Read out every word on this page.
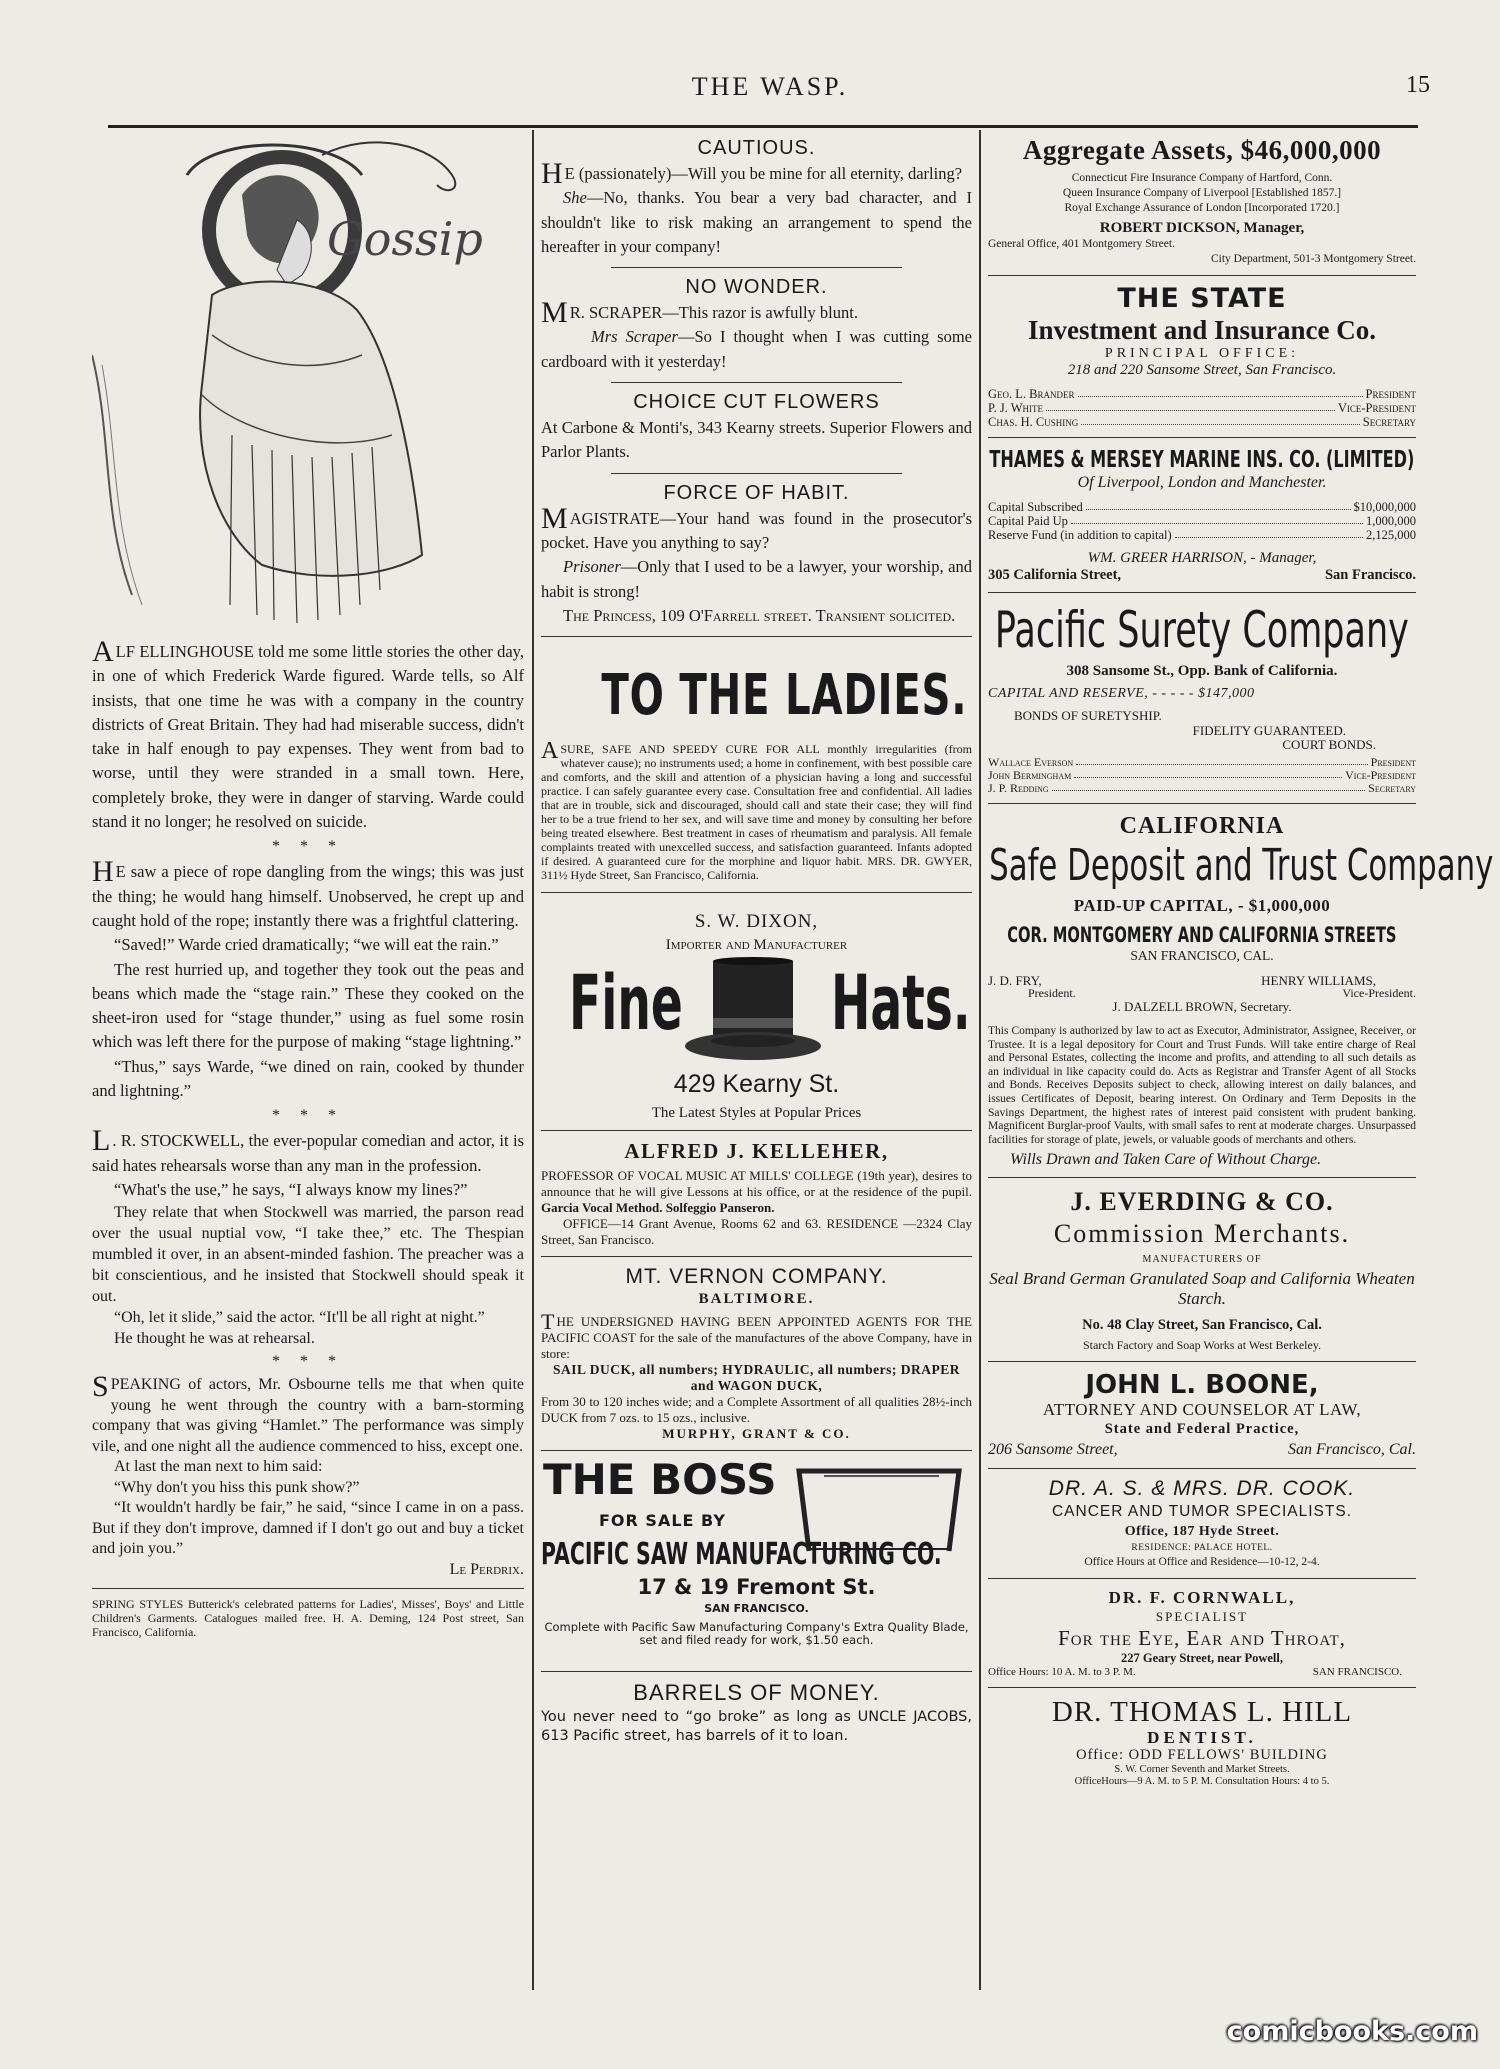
THE WASP.	15
Gossip

ALF ELLINGHOUSE told me some little stories the other day, in one of which Frederick Warde figured. Warde tells, so Alf insists, that one time he was with a company in the country districts of Great Britain. They had had miserable success, didn't take in half enough to pay expenses. They went from bad to worse, until they were stranded in a small town. Here, completely broke, they were in danger of starving. Warde could stand it no longer; he resolved on suicide.

* * *

H E saw a piece of rope dangling from the wings; this was just the thing; he would hang himself. Unobserved, he crept up and caught hold of the rope; instantly there was a frightful clattering.

“Saved!” Warde cried dramatically; “we will eat the rain.”

The rest hurried up, and together they took out the peas and beans which made the “stage rain.” These they cooked on the sheet-iron used for “stage thunder,” using as fuel some rosin which was left there for the purpose of making “stage lightning.”

“Thus,” says Warde, “we dined on rain, cooked by thunder and lightning.”

* * *

L . R. STOCKWELL, the ever-popular comedian and actor, it is said hates rehearsals worse than any man in the profession.

“What's the use,” he says, “I always know my lines?”

They relate that when Stockwell was married, the parson read over the usual nuptial vow, “I take thee,” etc. The Thespian mumbled it over, in an absent-minded fashion. The preacher was a bit conscientious, and he insisted that Stockwell should speak it out.

“Oh, let it slide,” said the actor. “It'll be all right at night.”

He thought he was at rehearsal.

* * *

SPEAKING of actors, Mr. Osbourne tells me that when quite young he went through the country with a barn-storming company that was giving “Hamlet.” The performance was simply vile, and one night all the audience commenced to hiss, except one.

At last the man next to him said:

“Why don't you hiss this punk show?”

“It wouldn't hardly be fair,” he said, “since I came in on a pass. But if they don't improve, damned if I don't go out and buy a ticket and join you.”

Le Perdrix.

SPRING STYLES Butterick's celebrated patterns for Ladies', Misses', Boys' and Little Children's Garments. Catalogues mailed free. H. A. Deming, 124 Post street, San Francisco, California.

CAUTIOUS.

H E (passionately)—Will you be mine for all eternity, darling?

She—No, thanks. You bear a very bad character, and I shouldn't like to risk making an arrangement to spend the hereafter in your company!

NO WONDER.

M R. SCRAPER—This razor is awfully blunt.

Mrs Scraper—So I thought when I was cutting some cardboard with it yesterday!

CHOICE CUT FLOWERS

At Carbone & Monti's, 343 Kearny streets. Superior Flowers and Parlor Plants.

FORCE OF HABIT.

MAGISTRATE—Your hand was found in the prosecutor's pocket. Have you anything to say?

Prisoner—Only that I used to be a lawyer, your worship, and habit is strong!

The Princess, 109 O'Farrell street. Transient solicited.

TO THE LADIES.

ASURE, SAFE AND SPEEDY CURE FOR ALL monthly irregularities (from whatever cause); no instruments used; a home in confinement, with best possible care and comforts, and the skill and attention of a physician having a long and successful practice. I can safely guarantee every case. Consultation free and confidential. All ladies that are in trouble, sick and discouraged, should call and state their case; they will find her to be a true friend to her sex, and will save time and money by consulting her before being treated elsewhere. Best treatment in cases of rheumatism and paralysis. All female complaints treated with unexcelled success, and satisfaction guaranteed. Infants adopted if desired. A guaranteed cure for the morphine and liquor habit. MRS. DR. GWYER, 311½ Hyde Street, San Francisco, California.

S. W. DIXON,
Importer and Manufacturer
Fine Hats.
429 Kearny St.
The Latest Styles at Popular Prices
ALFRED J. KELLEHER,

PROFESSOR OF VOCAL MUSIC AT MILLS' COLLEGE (19th year), desires to announce that he will give Lessons at his office, or at the residence of the pupil. Garcia Vocal Method. Solfeggio Panseron.

OFFICE—14 Grant Avenue, Rooms 62 and 63. RESIDENCE —2324 Clay Street, San Francisco.

MT. VERNON COMPANY.
BALTIMORE.

THE UNDERSIGNED HAVING BEEN APPOINTED AGENTS FOR THE PACIFIC COAST for the sale of the manufactures of the above Company, have in store:

SAIL DUCK, all numbers; HYDRAULIC, all numbers; DRAPER and WAGON DUCK,

From 30 to 120 inches wide; and a Complete Assortment of all qualities 28½-inch DUCK from 7 ozs. to 15 ozs., inclusive.

MURPHY, GRANT & CO.

THE BOSS
FOR SALE BY
PACIFIC SAW MANUFACTURING CO.
17 & 19 Fremont St.
SAN FRANCISCO.
Complete with Pacific Saw Manufacturing Company's Extra Quality Blade, set and filed ready for work, $1.50 each.
BARRELS OF MONEY.

You never need to “go broke” as long as UNCLE JACOBS, 613 Pacific street, has barrels of it to loan.

Aggregate Assets, $46,000,000

Connecticut Fire Insurance Company of Hartford, Conn.

Queen Insurance Company of Liverpool [Established 1857.]

Royal Exchange Assurance of London [Incorporated 1720.]

ROBERT DICKSON, Manager,

General Office, 401 Montgomery Street.

City Department, 501-3 Montgomery Street.

THE STATE
Investment and Insurance Co.
PRINCIPAL OFFICE:
218 and 220 Sansome Street, San Francisco.
Geo. L. Brander	President
P. J. White	Vice-President
Chas. H. Cushing	Secretary
THAMES & MERSEY MARINE INS. CO. (LIMITED)
Of Liverpool, London and Manchester.
Capital Subscribed	$10,000,000
Capital Paid Up	1,000,000
Reserve Fund (in addition to capital)	2,125,000
WM. GREER HARRISON, - Manager,
305 California Street,	San Francisco.
Pacific Surety Company
308 Sansome St., Opp. Bank of California.
CAPITAL AND RESERVE, - - - - - $147,000
BONDS OF SURETYSHIP.
FIDELITY GUARANTEED.
COURT BONDS.
Wallace Everson	President
John Bermingham	Vice-President
J. P. Redding	Secretary
CALIFORNIA
Safe Deposit and Trust Company
PAID-UP CAPITAL, - $1,000,000
COR. MONTGOMERY AND CALIFORNIA STREETS
SAN FRANCISCO, CAL.
J. D. FRY,	HENRY WILLIAMS,
President.	Vice-President.
J. DALZELL BROWN, Secretary.

This Company is authorized by law to act as Executor, Administrator, Assignee, Receiver, or Trustee. It is a legal depository for Court and Trust Funds. Will take entire charge of Real and Personal Estates, collecting the income and profits, and attending to all such details as an individual in like capacity could do. Acts as Registrar and Transfer Agent of all Stocks and Bonds. Receives Deposits subject to check, allowing interest on daily balances, and issues Certificates of Deposit, bearing interest. On Ordinary and Term Deposits in the Savings Department, the highest rates of interest paid consistent with prudent banking. Magnificent Burglar-proof Vaults, with small safes to rent at moderate charges. Unsurpassed facilities for storage of plate, jewels, or valuable goods of merchants and others.

Wills Drawn and Taken Care of Without Charge.

J. EVERDING & CO.
Commission Merchants.
MANUFACTURERS OF
Seal Brand German Granulated Soap and California Wheaten Starch.
No. 48 Clay Street, San Francisco, Cal.
Starch Factory and Soap Works at West Berkeley.
JOHN L. BOONE,
ATTORNEY AND COUNSELOR AT LAW,
State and Federal Practice,
206 Sansome Street,	San Francisco, Cal.
DR. A. S. & MRS. DR. COOK.
CANCER AND TUMOR SPECIALISTS.
Office, 187 Hyde Street.
RESIDENCE: PALACE HOTEL.
Office Hours at Office and Residence—10-12, 2-4.
DR. F. CORNWALL,
SPECIALIST
For the Eye, Ear and Throat,
227 Geary Street, near Powell,
Office Hours: 10 A. M. to 3 P. M.	SAN FRANCISCO.
DR. THOMAS L. HILL
DENTIST.
Office: ODD FELLOWS' BUILDING
S. W. Corner Seventh and Market Streets.
OfficeHours—9 A. M. to 5 P. M. Consultation Hours: 4 to 5.
comicbooks.com
